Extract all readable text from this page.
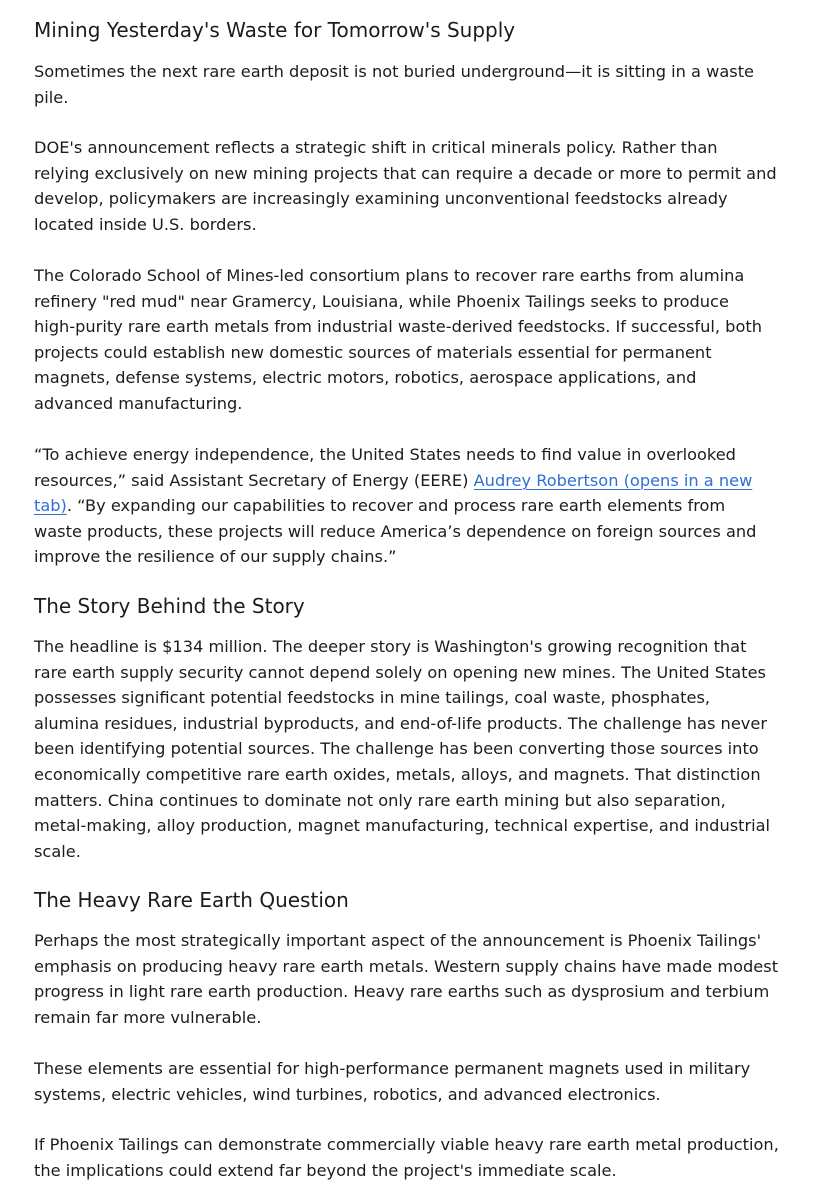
Mining Yesterday's Waste for Tomorrow's Supply

Sometimes the next rare earth deposit is not buried underground—it is sitting in a waste
pile.

DOE's announcement reflects a strategic shift in critical minerals policy. Rather than
relying exclusively on new mining projects that can require a decade or more to permit and
develop, policymakers are increasingly examining unconventional feedstocks already
located inside U.S. borders.

The Colorado School of Mines-led consortium plans to recover rare earths from alumina
refinery "red mud" near Gramercy, Louisiana, while Phoenix Tailings seeks to produce
high-purity rare earth metals from industrial waste-derived feedstocks. If successful, both
projects could establish new domestic sources of materials essential for permanent
magnets, defense systems, electric motors, robotics, aerospace applications, and
advanced manufacturing.

“To achieve energy independence, the United States needs to find value in overlooked
resources,” said Assistant Secretary of Energy (EERE) Audrey Robertson (opens in a new
tab). “By expanding our capabilities to recover and process rare earth elements from
waste products, these projects will reduce America’s dependence on foreign sources and
improve the resilience of our supply chains.”

The Story Behind the Story

The headline is $134 million. The deeper story is Washington's growing recognition that
rare earth supply security cannot depend solely on opening new mines. The United States
possesses significant potential feedstocks in mine tailings, coal waste, phosphates,
alumina residues, industrial byproducts, and end-of-life products. The challenge has never
been identifying potential sources. The challenge has been converting those sources into
economically competitive rare earth oxides, metals, alloys, and magnets. That distinction
matters. China continues to dominate not only rare earth mining but also separation,
metal-making, alloy production, magnet manufacturing, technical expertise, and industrial
scale.

The Heavy Rare Earth Question

Perhaps the most strategically important aspect of the announcement is Phoenix Tailings'
emphasis on producing heavy rare earth metals. Western supply chains have made modest
progress in light rare earth production. Heavy rare earths such as dysprosium and terbium
remain far more vulnerable.

These elements are essential for high-performance permanent magnets used in military
systems, electric vehicles, wind turbines, robotics, and advanced electronics.

If Phoenix Tailings can demonstrate commercially viable heavy rare earth metal production,
the implications could extend far beyond the project's immediate scale.
